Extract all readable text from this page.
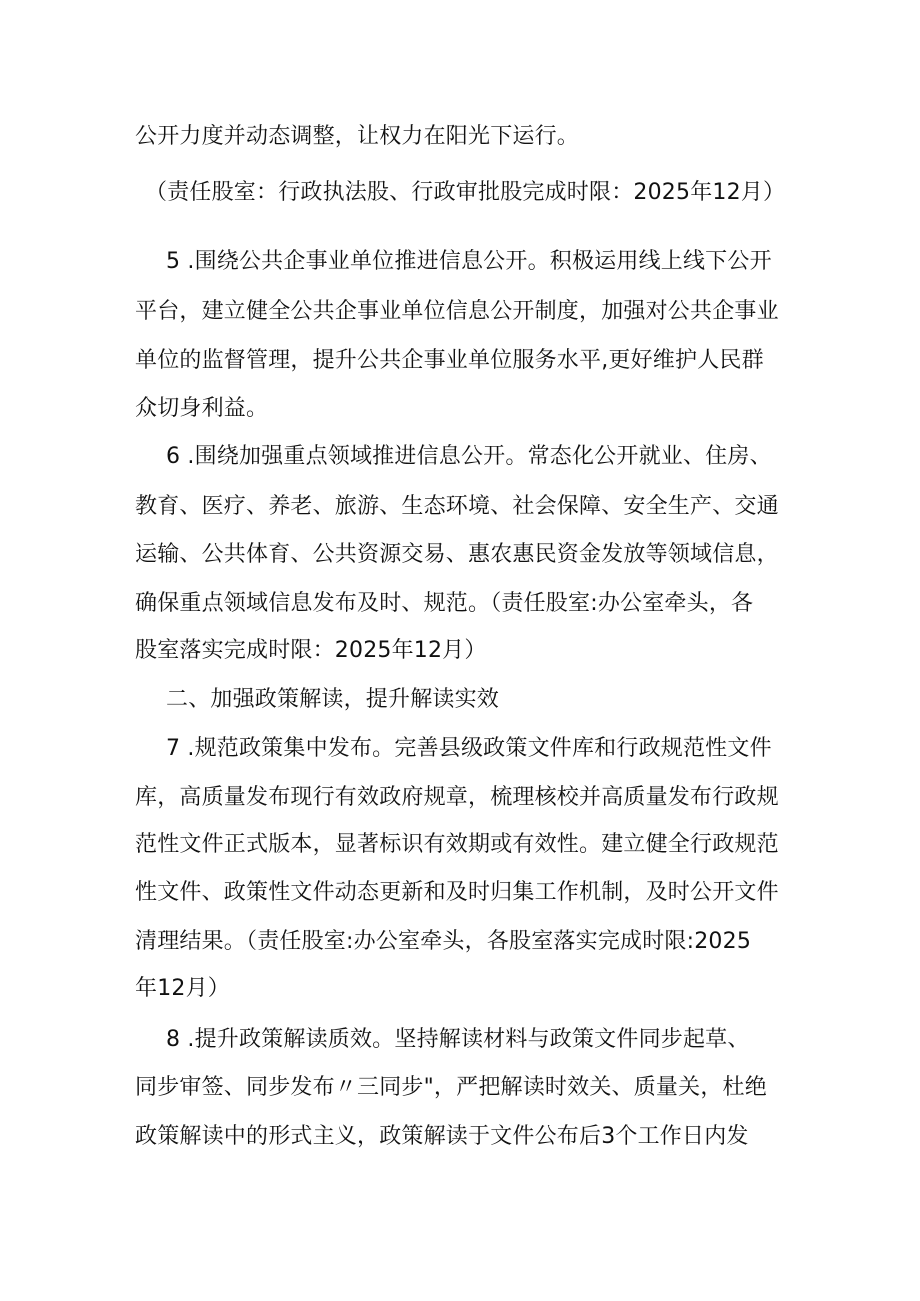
公开力度并动态调整，让权力在阳光下运行。
（责任股室：行政执法股、行政审批股完成时限：2025年12月）
5 .围绕公共企事业单位推进信息公开。积极运用线上线下公开
平台，建立健全公共企事业单位信息公开制度，加强对公共企事业
单位的监督管理，提升公共企事业单位服务水平,更好维护人民群
众切身利益。
6 .围绕加强重点领域推进信息公开。常态化公开就业、住房、
教育、医疗、养老、旅游、生态环境、社会保障、安全生产、交通
运输、公共体育、公共资源交易、惠农惠民资金发放等领域信息，
确保重点领域信息发布及时、规范。（责任股室:办公室牵头，各
股室落实完成时限：2025年12月）
二、加强政策解读，提升解读实效
7 .规范政策集中发布。完善县级政策文件库和行政规范性文件
库，高质量发布现行有效政府规章，梳理核校并高质量发布行政规
范性文件正式版本，显著标识有效期或有效性。建立健全行政规范
性文件、政策性文件动态更新和及时归集工作机制，及时公开文件
清理结果。（责任股室:办公室牵头，各股室落实完成时限:2025
年12月）
8 .提升政策解读质效。坚持解读材料与政策文件同步起草、
同步审签、同步发布〃三同步"，严把解读时效关、质量关，杜绝
政策解读中的形式主义，政策解读于文件公布后3个工作日内发
